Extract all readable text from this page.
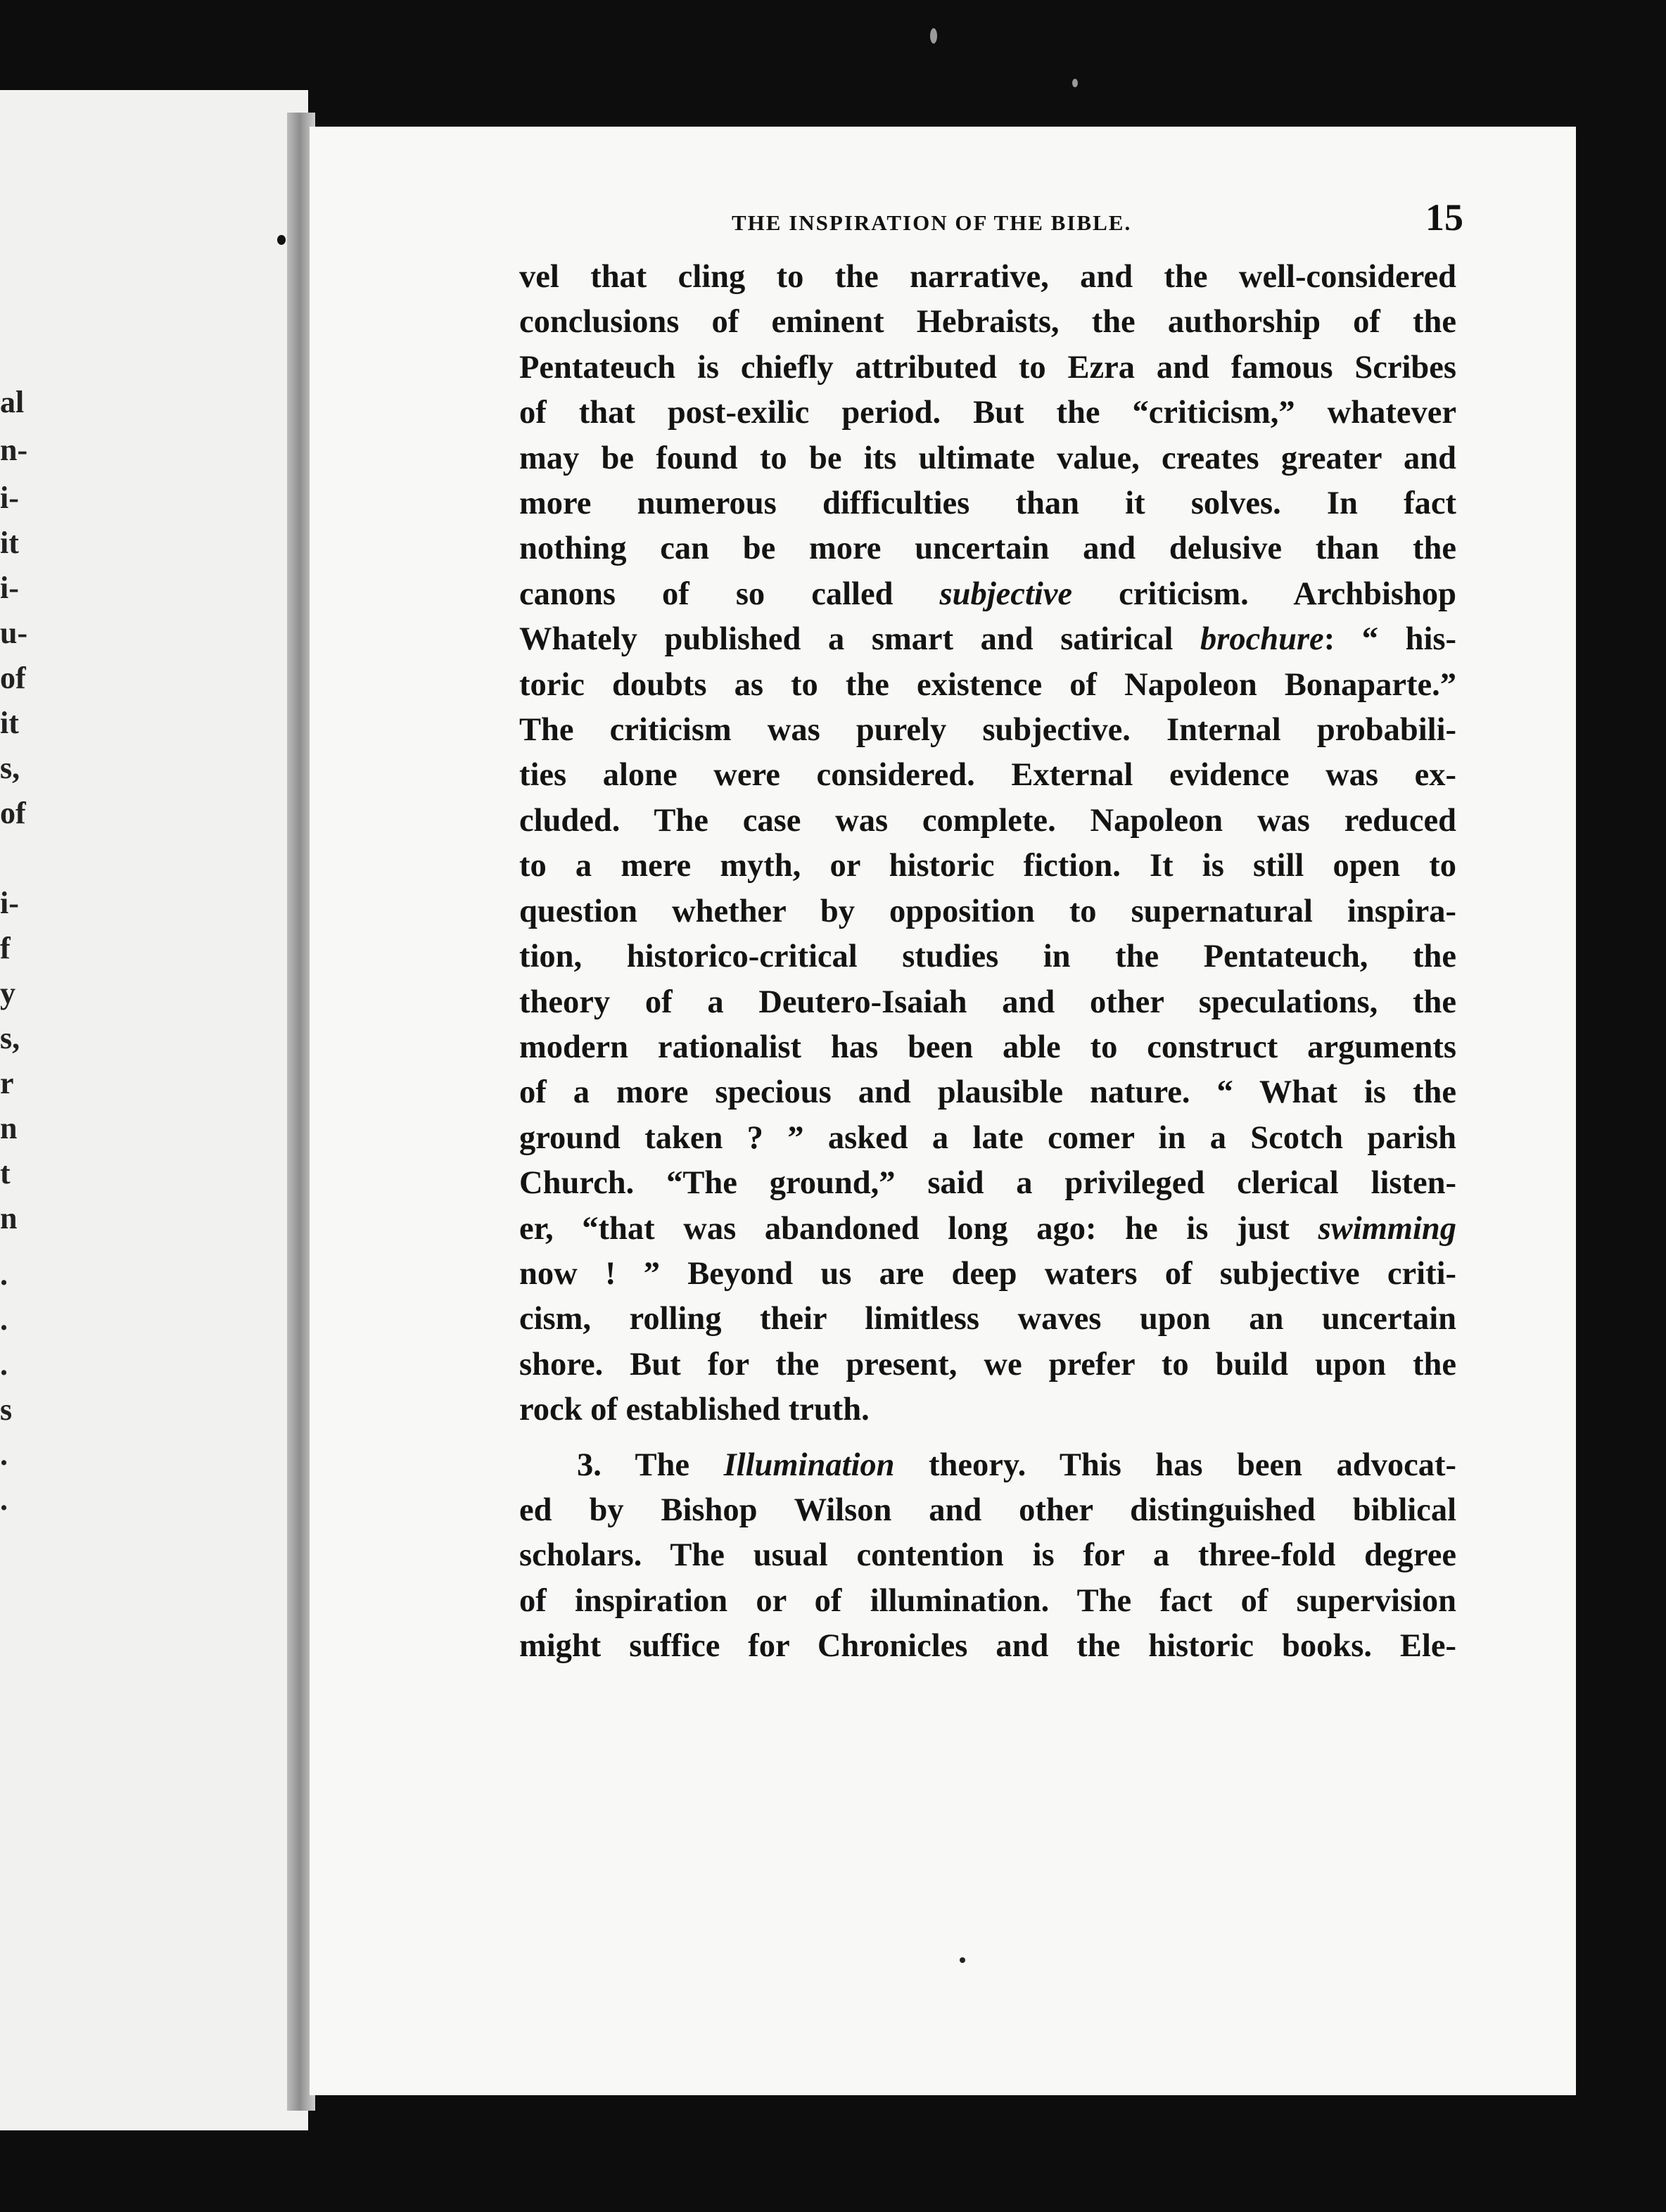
THE INSPIRATION OF THE BIBLE.	15
vel that cling to the narrative, and the well-considered
conclusions of eminent Hebraists, the authorship of the
Pentateuch is chiefly attributed to Ezra and famous Scribes
of that post-exilic period. But the “criticism,” whatever
may be found to be its ultimate value, creates greater and
more numerous difficulties than it solves. In fact
nothing can be more uncertain and delusive than the
canons of so called subjective criticism. Archbishop
Whately published a smart and satirical brochure: “ his-
toric doubts as to the existence of Napoleon Bonaparte.”
The criticism was purely subjective. Internal probabili-
ties alone were considered. External evidence was ex-
cluded. The case was complete. Napoleon was reduced
to a mere myth, or historic fiction. It is still open to
question whether by opposition to supernatural inspira-
tion, historico-critical studies in the Pentateuch, the
theory of a Deutero-Isaiah and other speculations, the
modern rationalist has been able to construct arguments
of a more specious and plausible nature. “ What is the
ground taken ? ” asked a late comer in a Scotch parish
Church. “The ground,” said a privileged clerical listen-
er, “that was abandoned long ago: he is just swimming
now ! ” Beyond us are deep waters of subjective criti-
cism, rolling their limitless waves upon an uncertain
shore. But for the present, we prefer to build upon the
rock of established truth.
3. The Illumination theory. This has been advocat-
ed by Bishop Wilson and other distinguished biblical
scholars. The usual contention is for a three-fold degree
of inspiration or of illumination. The fact of supervision
might suffice for Chronicles and the historic books. Ele-
al
n-
i-
it
i-
u-
of
it
s,
of
i-
f
y
s,
r
n
t
n
.
.
.
s
.
.
